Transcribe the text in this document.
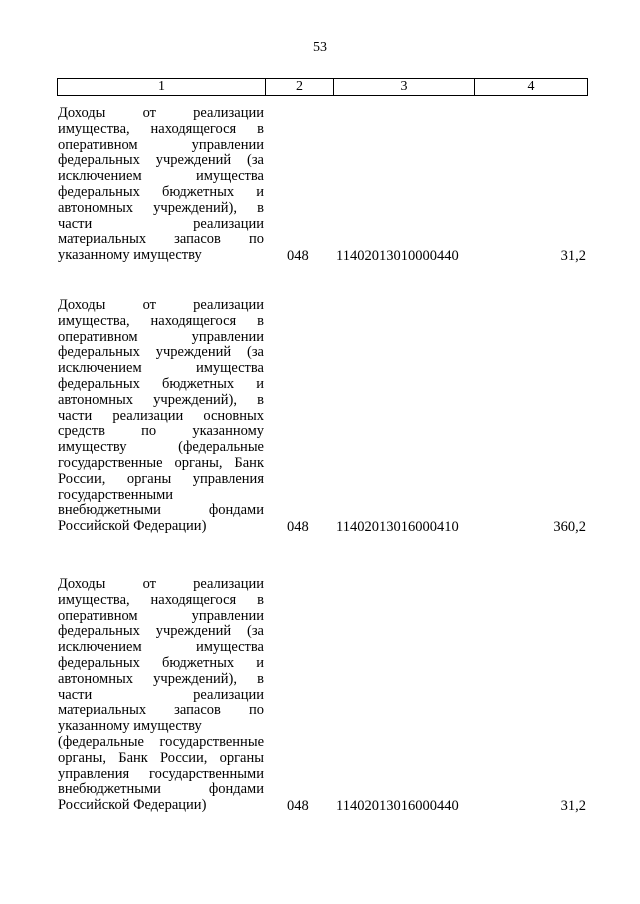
53
1	2	3	4
Доходы от реализации
имущества, находящегося в
оперативном управлении
федеральных учреждений (за
исключением имущества
федеральных бюджетных и
автономных учреждений), в
части реализации
материальных запасов по
указанному имуществу	048 11402013010000440	31,2
Доходы от реализации
имущества, находящегося в
оперативном управлении
федеральных учреждений (за
исключением имущества
федеральных бюджетных и
автономных учреждений), в
части реализации основных
средств по указанному
имуществу (федеральные
государственные органы, Банк
России, органы управления
государственными
внебюджетными фондами
Российской Федерации)	048 11402013016000410	360,2
Доходы от реализации
имущества, находящегося в
оперативном управлении
федеральных учреждений (за
исключением имущества
федеральных бюджетных и
автономных учреждений), в
части реализации
материальных запасов по
указанному имуществу
(федеральные государственные
органы, Банк России, органы
управления государственными
внебюджетными фондами
Российской Федерации)	048 11402013016000440	31,2
